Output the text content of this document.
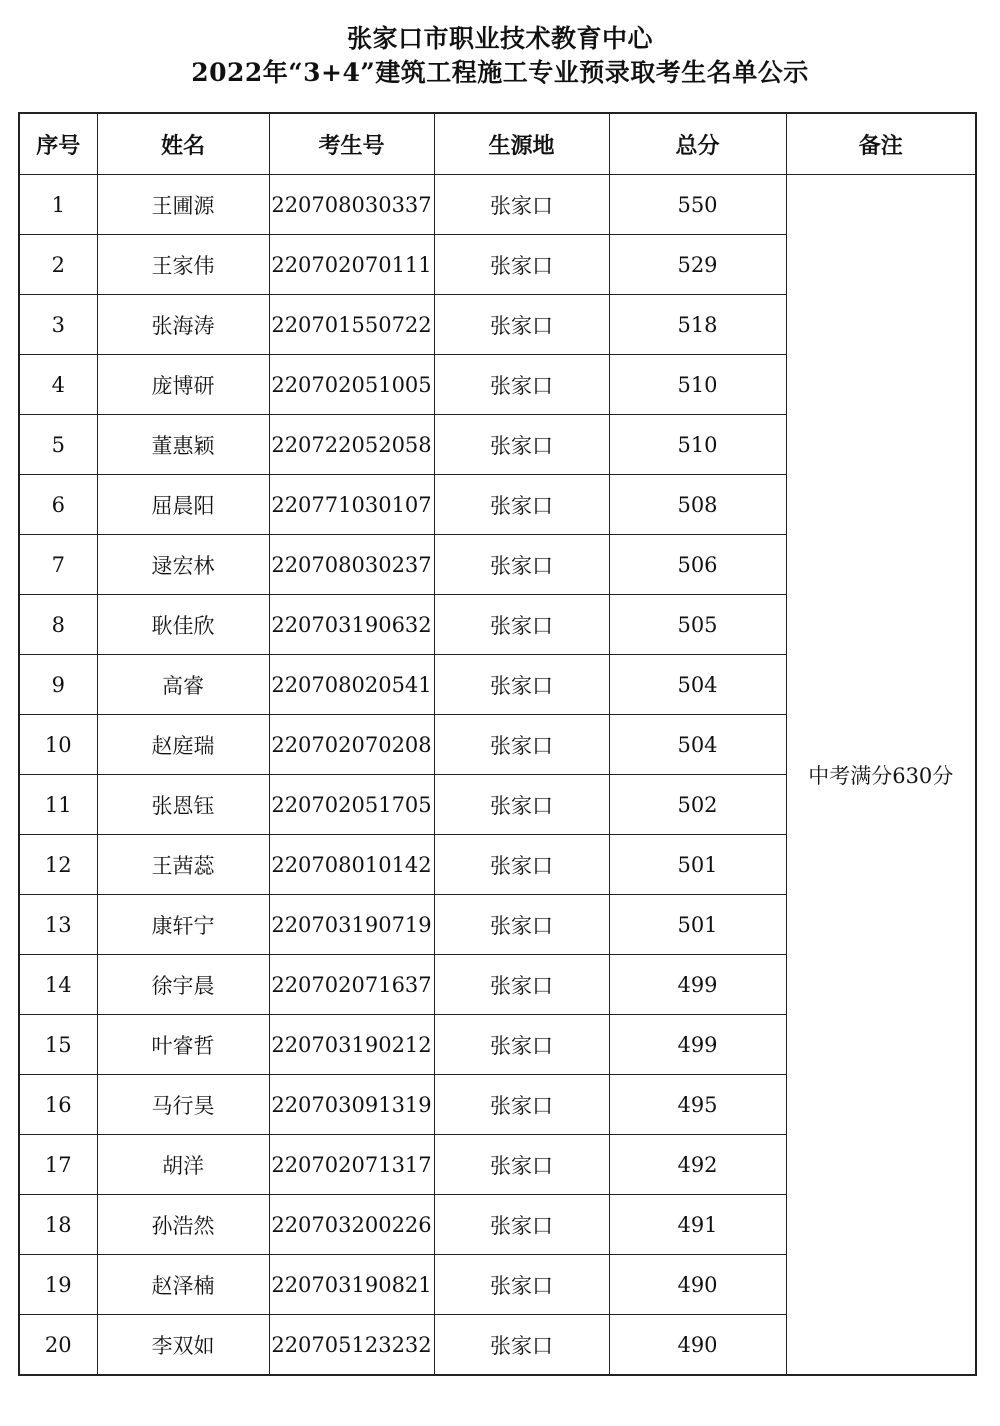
张家口市职业技术教育中心
2022年“3+4”建筑工程施工专业预录取考生名单公示
序号	姓名	考生号	生源地	总分	备注
1	王圃源	220708030337	张家口	550	中考满分630分
2	王家伟	220702070111	张家口	529	
3	张海涛	220701550722	张家口	518	
4	庞博研	220702051005	张家口	510	
5	董惠颖	220722052058	张家口	510	
6	屈晨阳	220771030107	张家口	508	
7	逯宏林	220708030237	张家口	506	
8	耿佳欣	220703190632	张家口	505	
9	高睿	220708020541	张家口	504	
10	赵庭瑞	220702070208	张家口	504	
11	张恩钰	220702051705	张家口	502	
12	王茜蕊	220708010142	张家口	501	
13	康轩宁	220703190719	张家口	501	
14	徐宇晨	220702071637	张家口	499	
15	叶睿哲	220703190212	张家口	499	
16	马行昊	220703091319	张家口	495	
17	胡洋	220702071317	张家口	492	
18	孙浩然	220703200226	张家口	491	
19	赵泽楠	220703190821	张家口	490	
20	李双如	220705123232	张家口	490	
